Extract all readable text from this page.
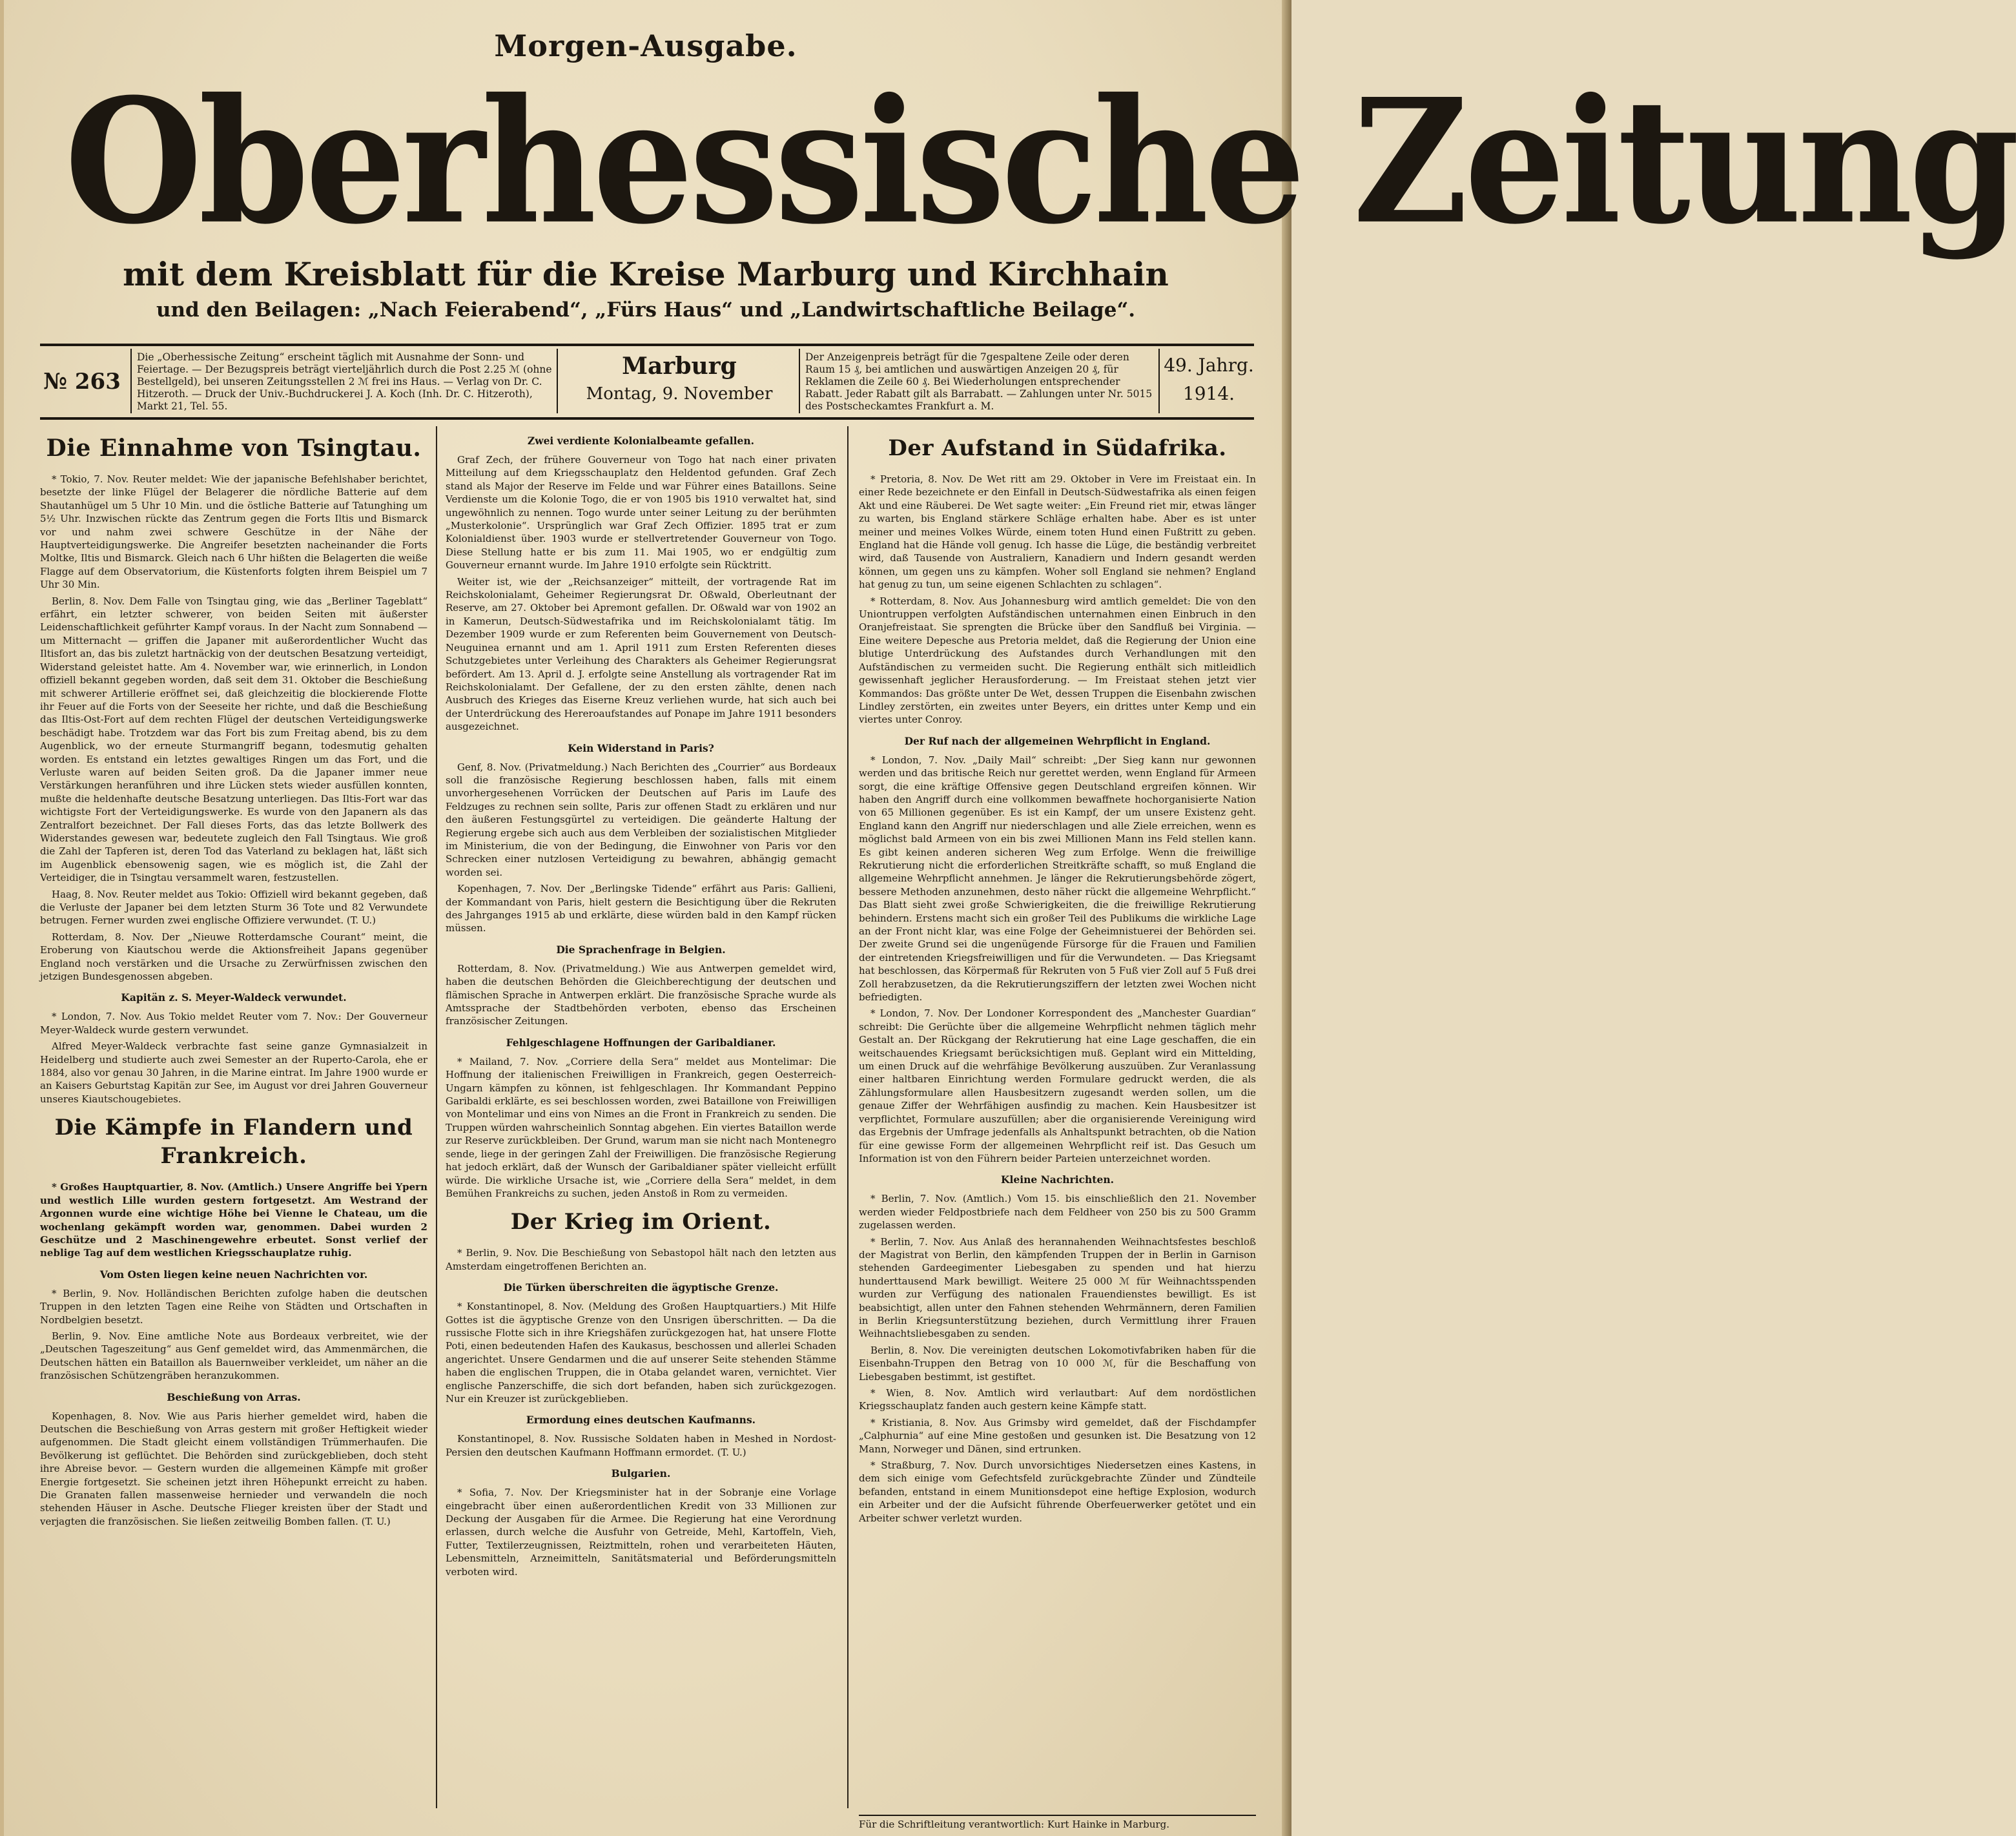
Morgen-Ausgabe.
Oberhessische Zeitung
mit dem Kreisblatt für die Kreise Marburg und Kirchhain
und den Beilagen: „Nach Feierabend“, „Fürs Haus“ und „Landwirtschaftliche Beilage“.
№ 263
Die „Oberhessische Zeitung“ erscheint täglich mit Ausnahme der Sonn- und Feiertage. — Der Bezugspreis beträgt vierteljährlich durch die Post 2.25 ℳ (ohne Bestellgeld), bei unseren Zeitungsstellen 2 ℳ frei ins Haus. — Verlag von Dr. C. Hitzeroth. — Druck der Univ.-Buchdruckerei J. A. Koch (Inh. Dr. C. Hitzeroth), Markt 21, Tel. 55.
Marburg
Montag, 9. November
Der Anzeigenpreis beträgt für die 7gespaltene Zeile oder deren Raum 15 ₰, bei amtlichen und auswärtigen Anzeigen 20 ₰, für Reklamen die Zeile 60 ₰. Bei Wiederholungen entsprechender Rabatt. Jeder Rabatt gilt als Barrabatt. — Zahlungen unter Nr. 5015 des Postscheckamtes Frankfurt a. M.
49. Jahrg.
1914.
Die Einnahme von Tsingtau.

* Tokio, 7. Nov. Reuter meldet: Wie der japanische Befehlshaber berichtet, besetzte der linke Flügel der Belagerer die nördliche Batterie auf dem Shautanhügel um 5 Uhr 10 Min. und die östliche Batterie auf Tatunghing um 5½ Uhr. Inzwischen rückte das Zentrum gegen die Forts Iltis und Bismarck vor und nahm zwei schwere Geschütze in der Nähe der Hauptverteidigungswerke. Die Angreifer besetzten nacheinander die Forts Moltke, Iltis und Bismarck. Gleich nach 6 Uhr hißten die Belagerten die weiße Flagge auf dem Observatorium, die Küstenforts folgten ihrem Beispiel um 7 Uhr 30 Min.

Berlin, 8. Nov. Dem Falle von Tsingtau ging, wie das „Berliner Tageblatt“ erfährt, ein letzter schwerer, von beiden Seiten mit äußerster Leidenschaftlichkeit geführter Kampf voraus. In der Nacht zum Sonnabend — um Mitternacht — griffen die Japaner mit außerordentlicher Wucht das Iltisfort an, das bis zuletzt hartnäckig von der deutschen Besatzung verteidigt, Widerstand geleistet hatte. Am 4. November war, wie erinnerlich, in London offiziell bekannt gegeben worden, daß seit dem 31. Oktober die Beschießung mit schwerer Artillerie eröffnet sei, daß gleichzeitig die blockierende Flotte ihr Feuer auf die Forts von der Seeseite her richte, und daß die Beschießung das Iltis-Ost-Fort auf dem rechten Flügel der deutschen Verteidigungswerke beschädigt habe. Trotzdem war das Fort bis zum Freitag abend, bis zu dem Augenblick, wo der erneute Sturmangriff begann, todesmutig gehalten worden. Es entstand ein letztes gewaltiges Ringen um das Fort, und die Verluste waren auf beiden Seiten groß. Da die Japaner immer neue Verstärkungen heranführen und ihre Lücken stets wieder ausfüllen konnten, mußte die heldenhafte deutsche Besatzung unterliegen. Das Iltis-Fort war das wichtigste Fort der Verteidigungswerke. Es wurde von den Japanern als das Zentralfort bezeichnet. Der Fall dieses Forts, das das letzte Bollwerk des Widerstandes gewesen war, bedeutete zugleich den Fall Tsingtaus. Wie groß die Zahl der Tapferen ist, deren Tod das Vaterland zu beklagen hat, läßt sich im Augenblick ebensowenig sagen, wie es möglich ist, die Zahl der Verteidiger, die in Tsingtau versammelt waren, festzustellen.

Haag, 8. Nov. Reuter meldet aus Tokio: Offiziell wird bekannt gegeben, daß die Verluste der Japaner bei dem letzten Sturm 36 Tote und 82 Verwundete betrugen. Ferner wurden zwei englische Offiziere verwundet. (T. U.)

Rotterdam, 8. Nov. Der „Nieuwe Rotterdamsche Courant“ meint, die Eroberung von Kiautschou werde die Aktionsfreiheit Japans gegenüber England noch verstärken und die Ursache zu Zerwürfnissen zwischen den jetzigen Bundesgenossen abgeben.

Kapitän z. S. Meyer-Waldeck verwundet.

* London, 7. Nov. Aus Tokio meldet Reuter vom 7. Nov.: Der Gouverneur Meyer-Waldeck wurde gestern verwundet.

Alfred Meyer-Waldeck verbrachte fast seine ganze Gymnasialzeit in Heidelberg und studierte auch zwei Semester an der Ruperto-Carola, ehe er 1884, also vor genau 30 Jahren, in die Marine eintrat. Im Jahre 1900 wurde er an Kaisers Geburtstag Kapitän zur See, im August vor drei Jahren Gouverneur unseres Kiautschougebietes.

Die Kämpfe in Flandern und Frankreich.

* Großes Hauptquartier, 8. Nov. (Amtlich.) Unsere Angriffe bei Ypern und westlich Lille wurden gestern fortgesetzt. Am Westrand der Argonnen wurde eine wichtige Höhe bei Vienne le Chateau, um die wochenlang gekämpft worden war, genommen. Dabei wurden 2 Geschütze und 2 Maschinengewehre erbeutet. Sonst verlief der neblige Tag auf dem westlichen Kriegsschauplatze ruhig.

Vom Osten liegen keine neuen Nachrichten vor.

* Berlin, 9. Nov. Holländischen Berichten zufolge haben die deutschen Truppen in den letzten Tagen eine Reihe von Städten und Ortschaften in Nordbelgien besetzt.

Berlin, 9. Nov. Eine amtliche Note aus Bordeaux verbreitet, wie der „Deutschen Tageszeitung“ aus Genf gemeldet wird, das Ammenmärchen, die Deutschen hätten ein Bataillon als Bauernweiber verkleidet, um näher an die französischen Schützengräben heranzukommen.

Beschießung von Arras.

Kopenhagen, 8. Nov. Wie aus Paris hierher gemeldet wird, haben die Deutschen die Beschießung von Arras gestern mit großer Heftigkeit wieder aufgenommen. Die Stadt gleicht einem vollständigen Trümmerhaufen. Die Bevölkerung ist geflüchtet. Die Behörden sind zurückgeblieben, doch steht ihre Abreise bevor. — Gestern wurden die allgemeinen Kämpfe mit großer Energie fortgesetzt. Sie scheinen jetzt ihren Höhepunkt erreicht zu haben. Die Granaten fallen massenweise hernieder und verwandeln die noch stehenden Häuser in Asche. Deutsche Flieger kreisten über der Stadt und verjagten die französischen. Sie ließen zeitweilig Bomben fallen. (T. U.)

Zwei verdiente Kolonialbeamte gefallen.

Graf Zech, der frühere Gouverneur von Togo hat nach einer privaten Mitteilung auf dem Kriegsschauplatz den Heldentod gefunden. Graf Zech stand als Major der Reserve im Felde und war Führer eines Bataillons. Seine Verdienste um die Kolonie Togo, die er von 1905 bis 1910 verwaltet hat, sind ungewöhnlich zu nennen. Togo wurde unter seiner Leitung zu der berühmten „Musterkolonie“. Ursprünglich war Graf Zech Offizier. 1895 trat er zum Kolonialdienst über. 1903 wurde er stellvertretender Gouverneur von Togo. Diese Stellung hatte er bis zum 11. Mai 1905, wo er endgültig zum Gouverneur ernannt wurde. Im Jahre 1910 erfolgte sein Rücktritt.

Weiter ist, wie der „Reichsanzeiger“ mitteilt, der vortragende Rat im Reichskolonialamt, Geheimer Regierungsrat Dr. Oßwald, Oberleutnant der Reserve, am 27. Oktober bei Apremont gefallen. Dr. Oßwald war von 1902 an in Kamerun, Deutsch-Südwestafrika und im Reichskolonialamt tätig. Im Dezember 1909 wurde er zum Referenten beim Gouvernement von Deutsch-Neuguinea ernannt und am 1. April 1911 zum Ersten Referenten dieses Schutzgebietes unter Verleihung des Charakters als Geheimer Regierungsrat befördert. Am 13. April d. J. erfolgte seine Anstellung als vortragender Rat im Reichskolonialamt. Der Gefallene, der zu den ersten zählte, denen nach Ausbruch des Krieges das Eiserne Kreuz verliehen wurde, hat sich auch bei der Unterdrückung des Hereroaufstandes auf Ponape im Jahre 1911 besonders ausgezeichnet.

Kein Widerstand in Paris?

Genf, 8. Nov. (Privatmeldung.) Nach Berichten des „Courrier“ aus Bordeaux soll die französische Regierung beschlossen haben, falls mit einem unvorhergesehenen Vorrücken der Deutschen auf Paris im Laufe des Feldzuges zu rechnen sein sollte, Paris zur offenen Stadt zu erklären und nur den äußeren Festungsgürtel zu verteidigen. Die geänderte Haltung der Regierung ergebe sich auch aus dem Verbleiben der sozialistischen Mitglieder im Ministerium, die von der Bedingung, die Einwohner von Paris vor den Schrecken einer nutzlosen Verteidigung zu bewahren, abhängig gemacht worden sei.

Kopenhagen, 7. Nov. Der „Berlingske Tidende“ erfährt aus Paris: Gallieni, der Kommandant von Paris, hielt gestern die Besichtigung über die Rekruten des Jahrganges 1915 ab und erklärte, diese würden bald in den Kampf rücken müssen.

Die Sprachenfrage in Belgien.

Rotterdam, 8. Nov. (Privatmeldung.) Wie aus Antwerpen gemeldet wird, haben die deutschen Behörden die Gleichberechtigung der deutschen und flämischen Sprache in Antwerpen erklärt. Die französische Sprache wurde als Amtssprache der Stadtbehörden verboten, ebenso das Erscheinen französischer Zeitungen.

Fehlgeschlagene Hoffnungen der Garibaldianer.

* Mailand, 7. Nov. „Corriere della Sera“ meldet aus Montelimar: Die Hoffnung der italienischen Freiwilligen in Frankreich, gegen Oesterreich-Ungarn kämpfen zu können, ist fehlgeschlagen. Ihr Kommandant Peppino Garibaldi erklärte, es sei beschlossen worden, zwei Bataillone von Freiwilligen von Montelimar und eins von Nimes an die Front in Frankreich zu senden. Die Truppen würden wahrscheinlich Sonntag abgehen. Ein viertes Bataillon werde zur Reserve zurückbleiben. Der Grund, warum man sie nicht nach Montenegro sende, liege in der geringen Zahl der Freiwilligen. Die französische Regierung hat jedoch erklärt, daß der Wunsch der Garibaldianer später vielleicht erfüllt würde. Die wirkliche Ursache ist, wie „Corriere della Sera“ meldet, in dem Bemühen Frankreichs zu suchen, jeden Anstoß in Rom zu vermeiden.

Der Krieg im Orient.

* Berlin, 9. Nov. Die Beschießung von Sebastopol hält nach den letzten aus Amsterdam eingetroffenen Berichten an.

Die Türken überschreiten die ägyptische Grenze.

* Konstantinopel, 8. Nov. (Meldung des Großen Hauptquartiers.) Mit Hilfe Gottes ist die ägyptische Grenze von den Unsrigen überschritten. — Da die russische Flotte sich in ihre Kriegshäfen zurückgezogen hat, hat unsere Flotte Poti, einen bedeutenden Hafen des Kaukasus, beschossen und allerlei Schaden angerichtet. Unsere Gendarmen und die auf unserer Seite stehenden Stämme haben die englischen Truppen, die in Otaba gelandet waren, vernichtet. Vier englische Panzerschiffe, die sich dort befanden, haben sich zurückgezogen. Nur ein Kreuzer ist zurückgeblieben.

Ermordung eines deutschen Kaufmanns.

Konstantinopel, 8. Nov. Russische Soldaten haben in Meshed in Nordost-Persien den deutschen Kaufmann Hoffmann ermordet. (T. U.)

Bulgarien.

* Sofia, 7. Nov. Der Kriegsminister hat in der Sobranje eine Vorlage eingebracht über einen außerordentlichen Kredit von 33 Millionen zur Deckung der Ausgaben für die Armee. Die Regierung hat eine Verordnung erlassen, durch welche die Ausfuhr von Getreide, Mehl, Kartoffeln, Vieh, Futter, Textilerzeugnissen, Reiztmitteln, rohen und verarbeiteten Häuten, Lebensmitteln, Arzneimitteln, Sanitätsmaterial und Beförderungsmitteln verboten wird.

Der Aufstand in Südafrika.

* Pretoria, 8. Nov. De Wet ritt am 29. Oktober in Vere im Freistaat ein. In einer Rede bezeichnete er den Einfall in Deutsch-Südwestafrika als einen feigen Akt und eine Räuberei. De Wet sagte weiter: „Ein Freund riet mir, etwas länger zu warten, bis England stärkere Schläge erhalten habe. Aber es ist unter meiner und meines Volkes Würde, einem toten Hund einen Fußtritt zu geben. England hat die Hände voll genug. Ich hasse die Lüge, die beständig verbreitet wird, daß Tausende von Australiern, Kanadiern und Indern gesandt werden können, um gegen uns zu kämpfen. Woher soll England sie nehmen? England hat genug zu tun, um seine eigenen Schlachten zu schlagen“.

* Rotterdam, 8. Nov. Aus Johannesburg wird amtlich gemeldet: Die von den Uniontruppen verfolgten Aufständischen unternahmen einen Einbruch in den Oranjefreistaat. Sie sprengten die Brücke über den Sandfluß bei Virginia. — Eine weitere Depesche aus Pretoria meldet, daß die Regierung der Union eine blutige Unterdrückung des Aufstandes durch Verhandlungen mit den Aufständischen zu vermeiden sucht. Die Regierung enthält sich mitleidlich gewissenhaft jeglicher Herausforderung. — Im Freistaat stehen jetzt vier Kommandos: Das größte unter De Wet, dessen Truppen die Eisenbahn zwischen Lindley zerstörten, ein zweites unter Beyers, ein drittes unter Kemp und ein viertes unter Conroy.

Der Ruf nach der allgemeinen Wehrpflicht in England.

* London, 7. Nov. „Daily Mail“ schreibt: „Der Sieg kann nur gewonnen werden und das britische Reich nur gerettet werden, wenn England für Armeen sorgt, die eine kräftige Offensive gegen Deutschland ergreifen können. Wir haben den Angriff durch eine vollkommen bewaffnete hochorganisierte Nation von 65 Millionen gegenüber. Es ist ein Kampf, der um unsere Existenz geht. England kann den Angriff nur niederschlagen und alle Ziele erreichen, wenn es möglichst bald Armeen von ein bis zwei Millionen Mann ins Feld stellen kann. Es gibt keinen anderen sicheren Weg zum Erfolge. Wenn die freiwillige Rekrutierung nicht die erforderlichen Streitkräfte schafft, so muß England die allgemeine Wehrpflicht annehmen. Je länger die Rekrutierungsbehörde zögert, bessere Methoden anzunehmen, desto näher rückt die allgemeine Wehrpflicht.“ Das Blatt sieht zwei große Schwierigkeiten, die die freiwillige Rekrutierung behindern. Erstens macht sich ein großer Teil des Publikums die wirkliche Lage an der Front nicht klar, was eine Folge der Geheimnistuerei der Behörden sei. Der zweite Grund sei die ungenügende Fürsorge für die Frauen und Familien der eintretenden Kriegsfreiwilligen und für die Verwundeten. — Das Kriegsamt hat beschlossen, das Körpermaß für Rekruten von 5 Fuß vier Zoll auf 5 Fuß drei Zoll herabzusetzen, da die Rekrutierungsziffern der letzten zwei Wochen nicht befriedigten.

* London, 7. Nov. Der Londoner Korrespondent des „Manchester Guardian“ schreibt: Die Gerüchte über die allgemeine Wehrpflicht nehmen täglich mehr Gestalt an. Der Rückgang der Rekrutierung hat eine Lage geschaffen, die ein weitschauendes Kriegsamt berücksichtigen muß. Geplant wird ein Mittelding, um einen Druck auf die wehrfähige Bevölkerung auszuüben. Zur Veranlassung einer haltbaren Einrichtung werden Formulare gedruckt werden, die als Zählungsformulare allen Hausbesitzern zugesandt werden sollen, um die genaue Ziffer der Wehrfähigen ausfindig zu machen. Kein Hausbesitzer ist verpflichtet, Formulare auszufüllen; aber die organisierende Vereinigung wird das Ergebnis der Umfrage jedenfalls als Anhaltspunkt betrachten, ob die Nation für eine gewisse Form der allgemeinen Wehrpflicht reif ist. Das Gesuch um Information ist von den Führern beider Parteien unterzeichnet worden.

Kleine Nachrichten.

* Berlin, 7. Nov. (Amtlich.) Vom 15. bis einschließlich den 21. November werden wieder Feldpostbriefe nach dem Feldheer von 250 bis zu 500 Gramm zugelassen werden.

* Berlin, 7. Nov. Aus Anlaß des herannahenden Weihnachtsfestes beschloß der Magistrat von Berlin, den kämpfenden Truppen der in Berlin in Garnison stehenden Gardeegimenter Liebesgaben zu spenden und hat hierzu hunderttausend Mark bewilligt. Weitere 25 000 ℳ für Weihnachtsspenden wurden zur Verfügung des nationalen Frauendienstes bewilligt. Es ist beabsichtigt, allen unter den Fahnen stehenden Wehrmännern, deren Familien in Berlin Kriegsunterstützung beziehen, durch Vermittlung ihrer Frauen Weihnachtsliebesgaben zu senden.

Berlin, 8. Nov. Die vereinigten deutschen Lokomotivfabriken haben für die Eisenbahn-Truppen den Betrag von 10 000 ℳ, für die Beschaffung von Liebesgaben bestimmt, ist gestiftet.

* Wien, 8. Nov. Amtlich wird verlautbart: Auf dem nordöstlichen Kriegsschauplatz fanden auch gestern keine Kämpfe statt.

* Kristiania, 8. Nov. Aus Grimsby wird gemeldet, daß der Fischdampfer „Calphurnia“ auf eine Mine gestoßen und gesunken ist. Die Besatzung von 12 Mann, Norweger und Dänen, sind ertrunken.

* Straßburg, 7. Nov. Durch unvorsichtiges Niedersetzen eines Kastens, in dem sich einige vom Gefechtsfeld zurückgebrachte Zünder und Zündteile befanden, entstand in einem Munitionsdepot eine heftige Explosion, wodurch ein Arbeiter und der die Aufsicht führende Oberfeuerwerker getötet und ein Arbeiter schwer verletzt wurden.

Für die Schriftleitung verantwortlich: Kurt Hainke in Marburg.
